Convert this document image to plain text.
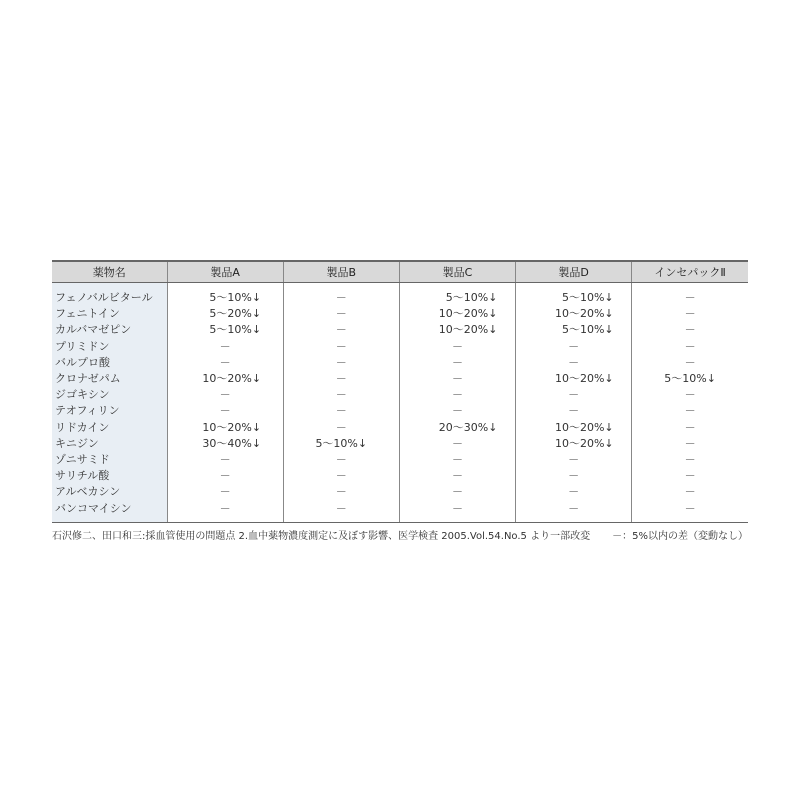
薬物名	製品A	製品B	製品C	製品D	インセパックⅡ
フェノバルビタール	5～10%↓	－	5～10%↓	5～10%↓	－
フェニトイン	5～20%↓	－	10～20%↓	10～20%↓	－
カルバマゼピン	5～10%↓	－	10～20%↓	5～10%↓	－
プリミドン	－	－	－	－	－
バルプロ酸	－	－	－	－	－
クロナゼパム	10～20%↓	－	－	10～20%↓	5～10%↓
ジゴキシン	－	－	－	－	－
テオフィリン	－	－	－	－	－
リドカイン	10～20%↓	－	20～30%↓	10～20%↓	－
キニジン	30～40%↓	5～10%↓	－	10～20%↓	－
ゾニサミド	－	－	－	－	－
サリチル酸	－	－	－	－	－
アルベカシン	－	－	－	－	－
バンコマイシン	－	－	－	－	－
石沢修二、田口和三:採血管使用の問題点 2.血中薬物濃度測定に及ぼす影響、医学検査 2005.Vol.54.No.5 より一部改変 －：5%以内の差（変動なし）
